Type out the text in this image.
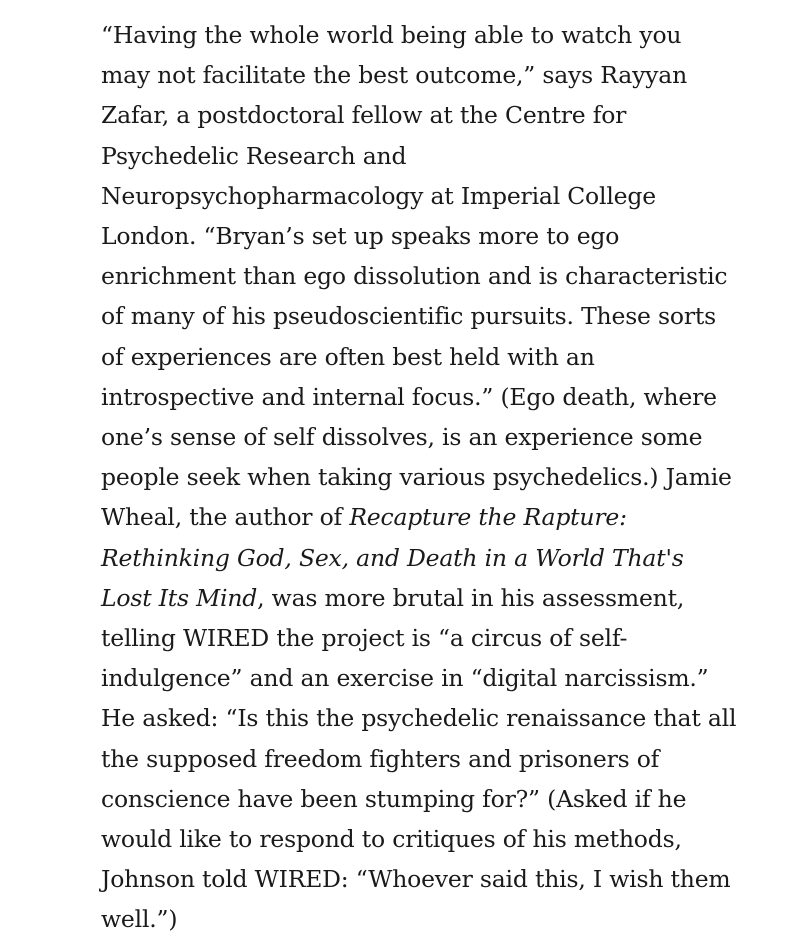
“Having the whole world being able to watch you
may not facilitate the best outcome,” says Rayyan
Zafar, a postdoctoral fellow at the Centre for
Psychedelic Research and
Neuropsychopharmacology at Imperial College
London. “Bryan’s set up speaks more to ego
enrichment than ego dissolution and is characteristic
of many of his pseudoscientific pursuits. These sorts
of experiences are often best held with an
introspective and internal focus.” (Ego death, where
one’s sense of self dissolves, is an experience some
people seek when taking various psychedelics.) Jamie
Wheal, the author of Recapture the Rapture:
Rethinking God, Sex, and Death in a World That's
Lost Its Mind, was more brutal in his assessment,
telling WIRED the project is “a circus of self-
indulgence” and an exercise in “digital narcissism.”
He asked: “Is this the psychedelic renaissance that all
the supposed freedom fighters and prisoners of
conscience have been stumping for?” (Asked if he
would like to respond to critiques of his methods,
Johnson told WIRED: “Whoever said this, I wish them
well.”)
